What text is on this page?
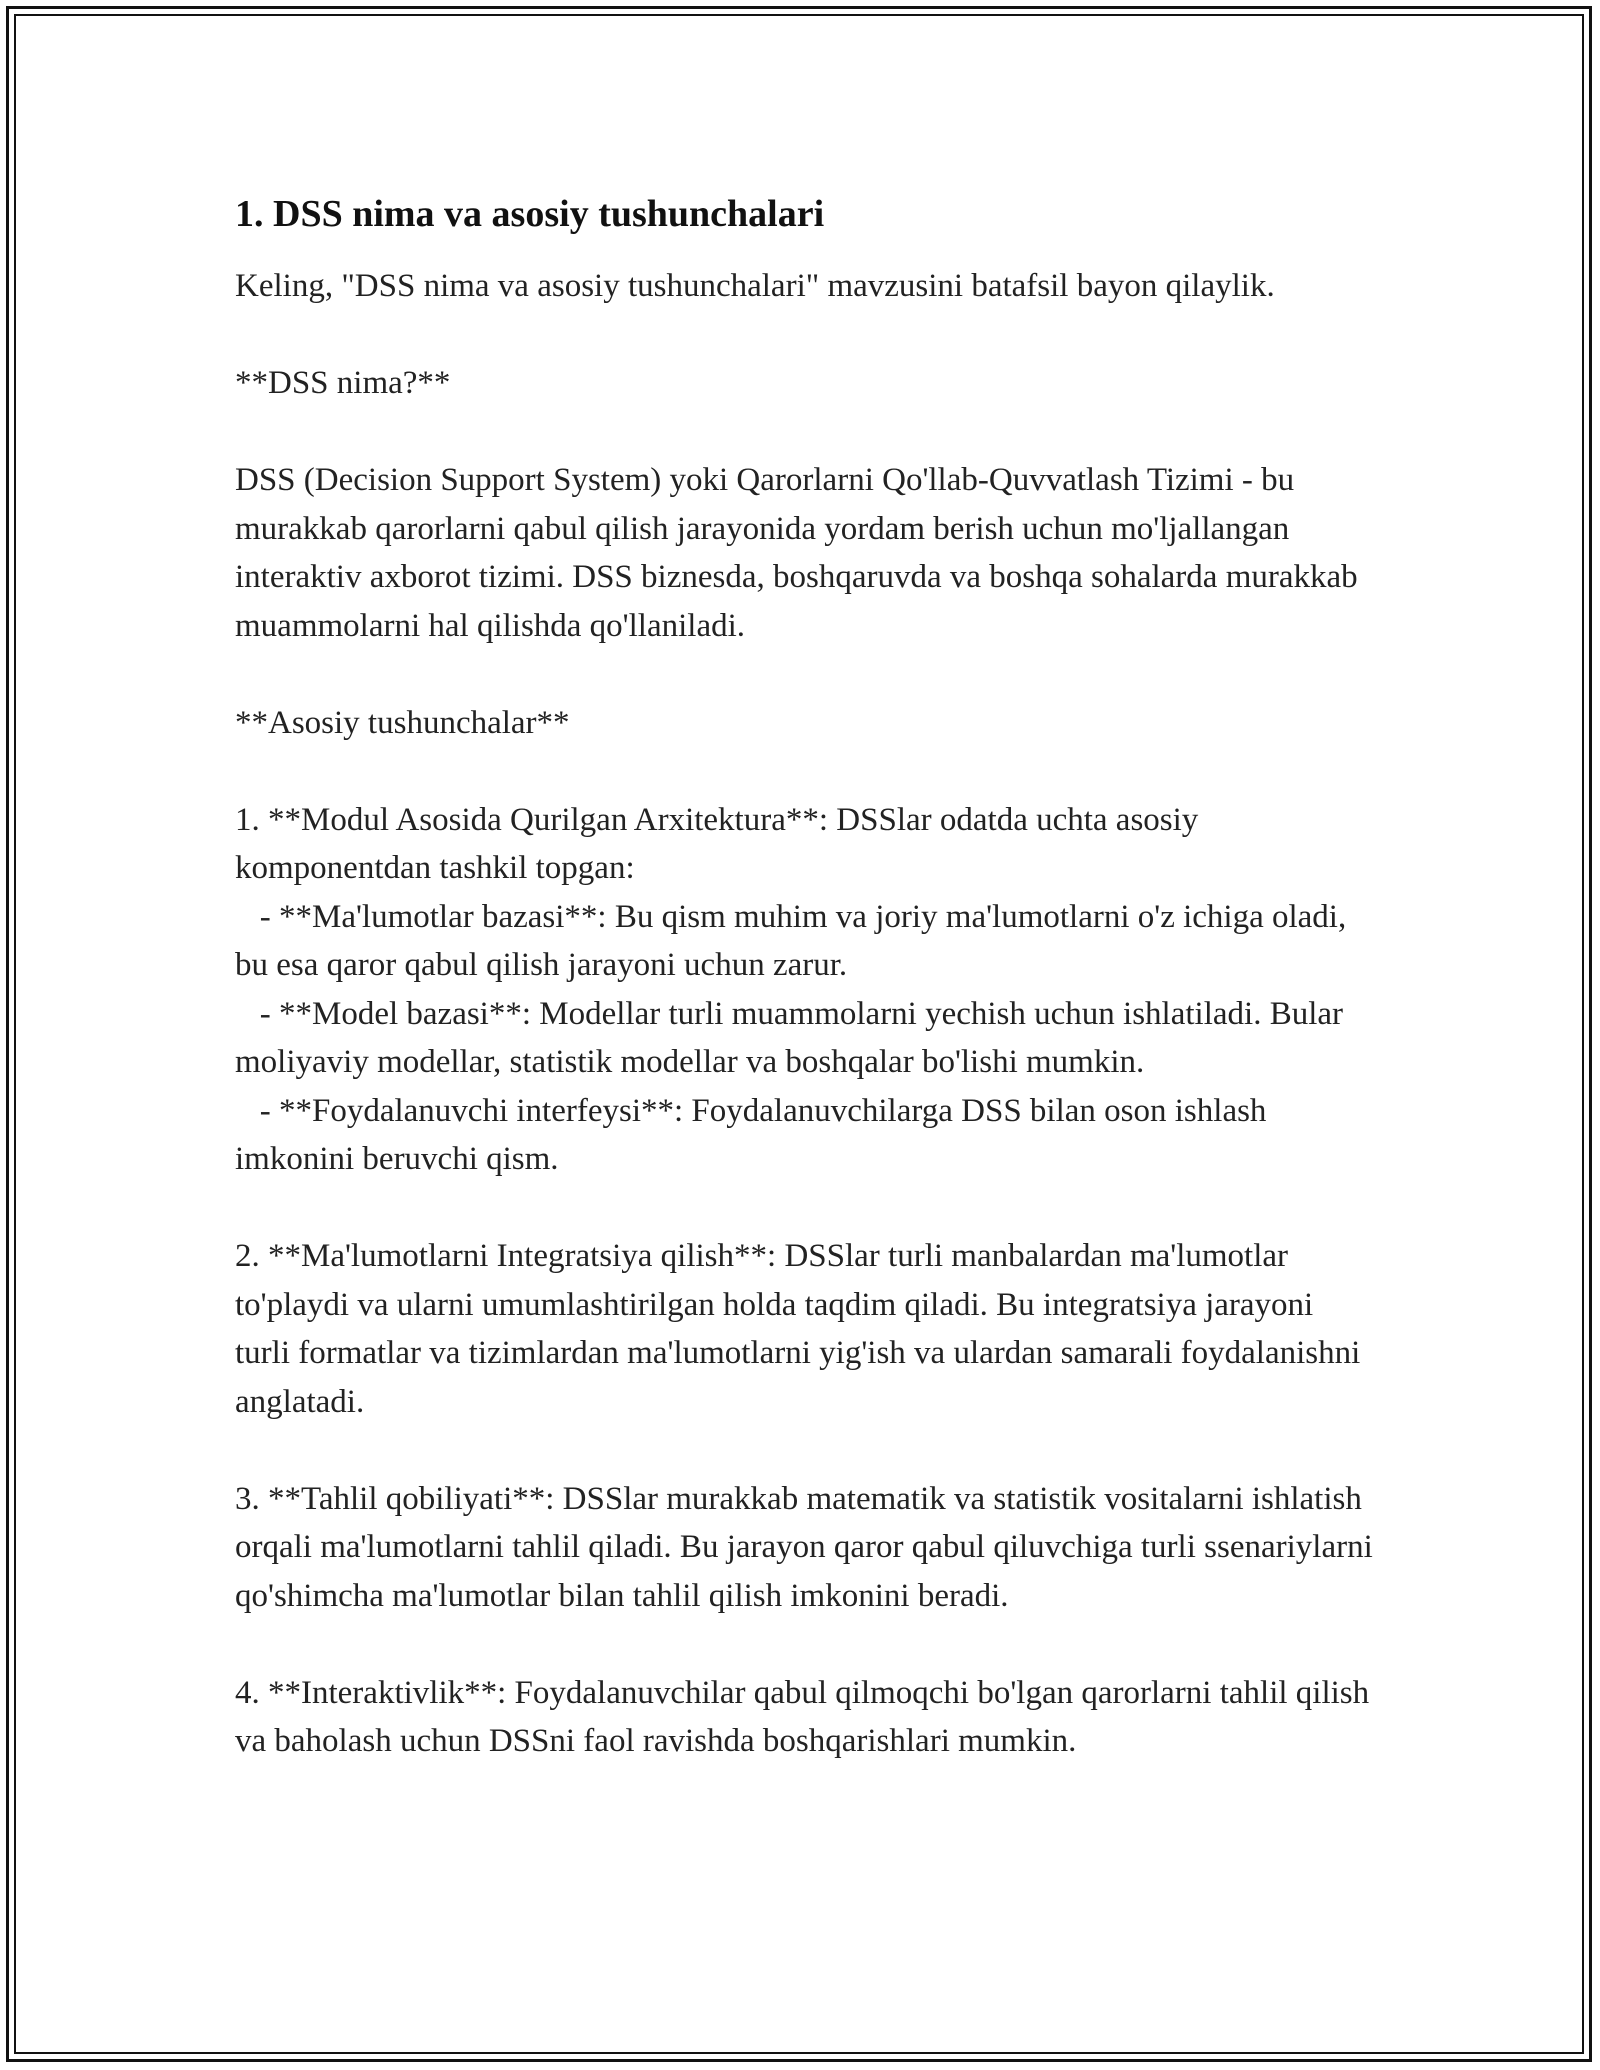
1. DSS nima va asosiy tushunchalari

Keling, "DSS nima va asosiy tushunchalari" mavzusini batafsil bayon qilaylik.

**DSS nima?**

DSS (Decision Support System) yoki Qarorlarni Qo'llab-Quvvatlash Tizimi - bu murakkab qarorlarni qabul qilish jarayonida yordam berish uchun mo'ljallangan interaktiv axborot tizimi. DSS biznesda, boshqaruvda va boshqa sohalarda murakkab muammolarni hal qilishda qo'llaniladi.

**Asosiy tushunchalar**

1. **Modul Asosida Qurilgan Arxitektura**: DSSlar odatda uchta asosiy komponentdan tashkil topgan:
- **Ma'lumotlar bazasi**: Bu qism muhim va joriy ma'lumotlarni o'z ichiga oladi, bu esa qaror qabul qilish jarayoni uchun zarur.
- **Model bazasi**: Modellar turli muammolarni yechish uchun ishlatiladi. Bular moliyaviy modellar, statistik modellar va boshqalar bo'lishi mumkin.
- **Foydalanuvchi interfeysi**: Foydalanuvchilarga DSS bilan oson ishlash imkonini beruvchi qism.

2. **Ma'lumotlarni Integratsiya qilish**: DSSlar turli manbalardan ma'lumotlar to'playdi va ularni umumlashtirilgan holda taqdim qiladi. Bu integratsiya jarayoni turli formatlar va tizimlardan ma'lumotlarni yig'ish va ulardan samarali foydalanishni anglatadi.

3. **Tahlil qobiliyati**: DSSlar murakkab matematik va statistik vositalarni ishlatish orqali ma'lumotlarni tahlil qiladi. Bu jarayon qaror qabul qiluvchiga turli ssenariylarni qo'shimcha ma'lumotlar bilan tahlil qilish imkonini beradi.

4. **Interaktivlik**: Foydalanuvchilar qabul qilmoqchi bo'lgan qarorlarni tahlil qilish va baholash uchun DSSni faol ravishda boshqarishlari mumkin.
